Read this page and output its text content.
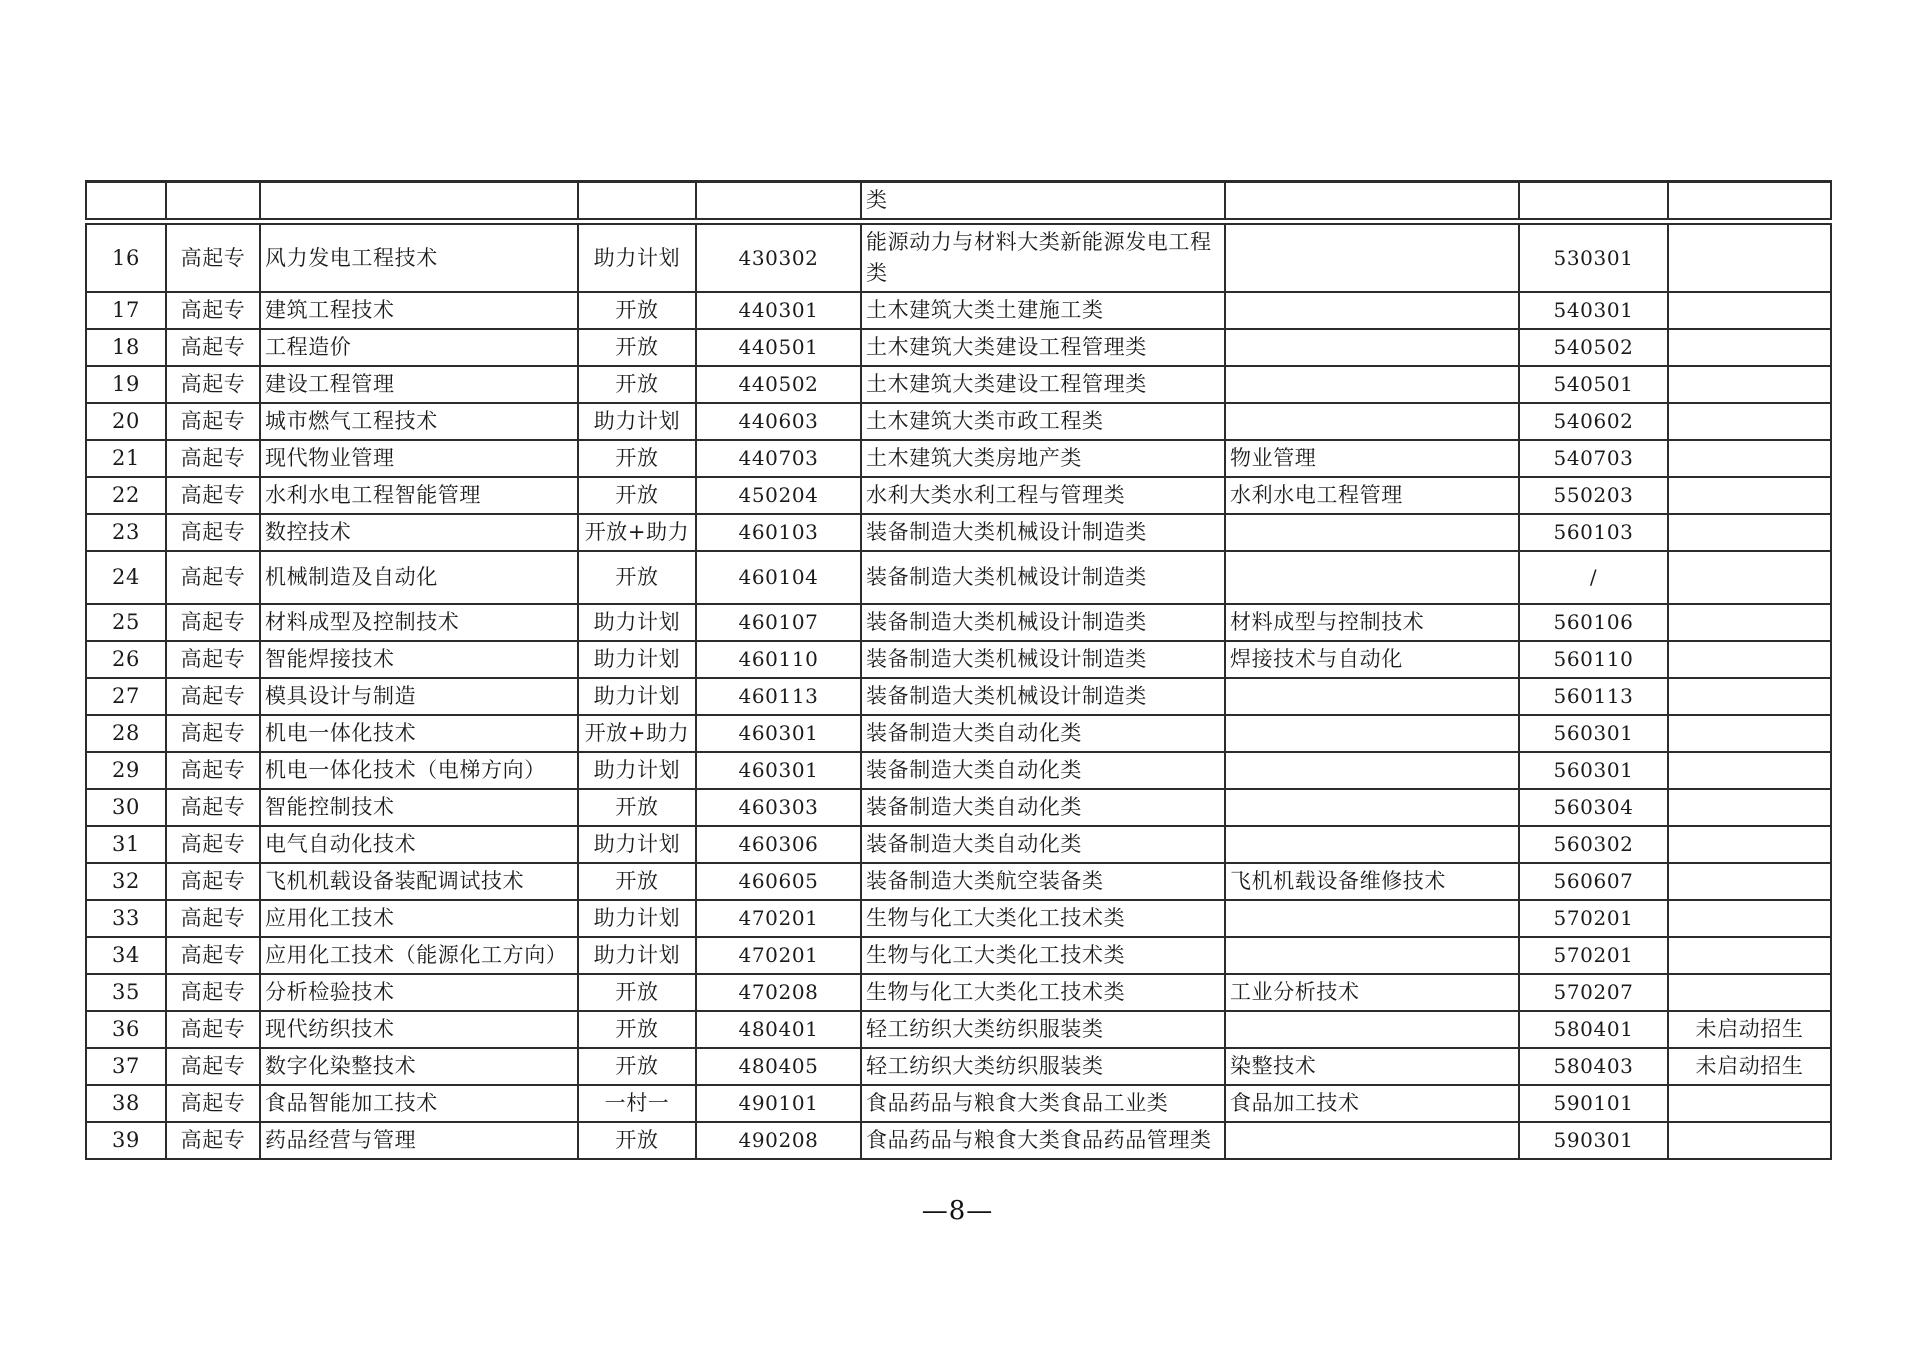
					类			
16	高起专	风力发电工程技术	助力计划	430302	能源动力与材料大类新能源发电工程类		530301	
17	高起专	建筑工程技术	开放	440301	土木建筑大类土建施工类		540301	
18	高起专	工程造价	开放	440501	土木建筑大类建设工程管理类		540502	
19	高起专	建设工程管理	开放	440502	土木建筑大类建设工程管理类		540501	
20	高起专	城市燃气工程技术	助力计划	440603	土木建筑大类市政工程类		540602	
21	高起专	现代物业管理	开放	440703	土木建筑大类房地产类	物业管理	540703	
22	高起专	水利水电工程智能管理	开放	450204	水利大类水利工程与管理类	水利水电工程管理	550203	
23	高起专	数控技术	开放+助力	460103	装备制造大类机械设计制造类		560103	
24	高起专	机械制造及自动化	开放	460104	装备制造大类机械设计制造类		/	
25	高起专	材料成型及控制技术	助力计划	460107	装备制造大类机械设计制造类	材料成型与控制技术	560106	
26	高起专	智能焊接技术	助力计划	460110	装备制造大类机械设计制造类	焊接技术与自动化	560110	
27	高起专	模具设计与制造	助力计划	460113	装备制造大类机械设计制造类		560113	
28	高起专	机电一体化技术	开放+助力	460301	装备制造大类自动化类		560301	
29	高起专	机电一体化技术（电梯方向）	助力计划	460301	装备制造大类自动化类		560301	
30	高起专	智能控制技术	开放	460303	装备制造大类自动化类		560304	
31	高起专	电气自动化技术	助力计划	460306	装备制造大类自动化类		560302	
32	高起专	飞机机载设备装配调试技术	开放	460605	装备制造大类航空装备类	飞机机载设备维修技术	560607	
33	高起专	应用化工技术	助力计划	470201	生物与化工大类化工技术类		570201	
34	高起专	应用化工技术（能源化工方向）	助力计划	470201	生物与化工大类化工技术类		570201	
35	高起专	分析检验技术	开放	470208	生物与化工大类化工技术类	工业分析技术	570207	
36	高起专	现代纺织技术	开放	480401	轻工纺织大类纺织服装类		580401	未启动招生
37	高起专	数字化染整技术	开放	480405	轻工纺织大类纺织服装类	染整技术	580403	未启动招生
38	高起专	食品智能加工技术	一村一	490101	食品药品与粮食大类食品工业类	食品加工技术	590101	
39	高起专	药品经营与管理	开放	490208	食品药品与粮食大类食品药品管理类		590301	
—8—
